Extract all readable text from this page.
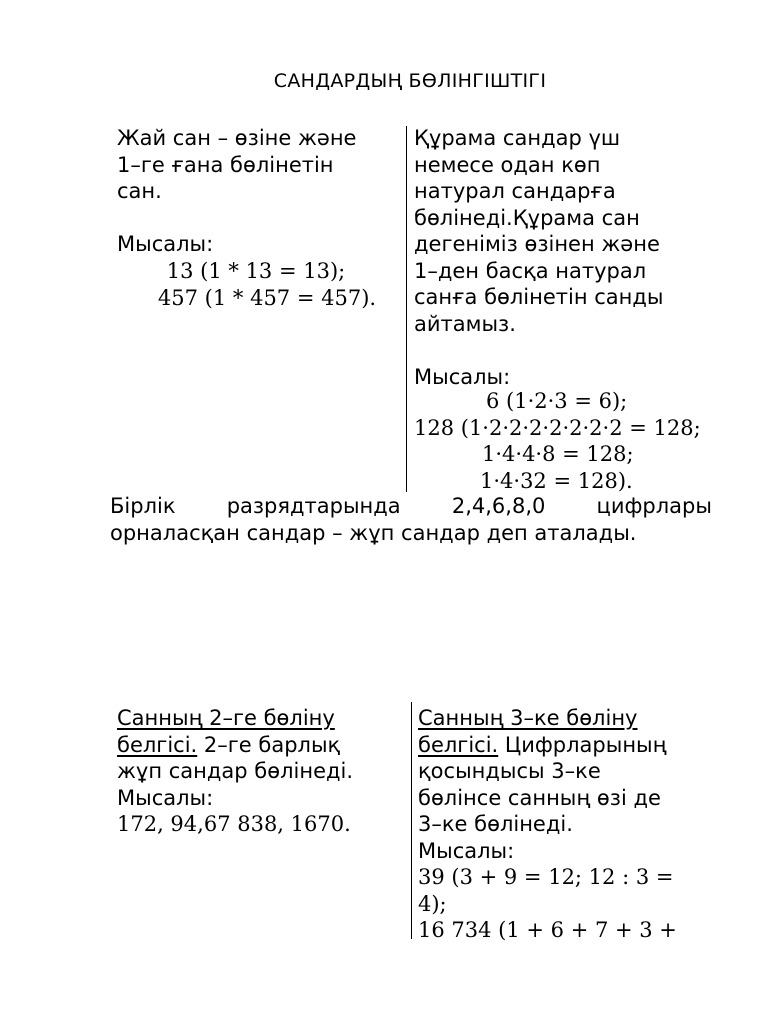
САНДАРДЫҢ БӨЛІНГІШТІГІ
Жай сан – өзіне және
1–ге ғана бөлінетін
сан.
Мысалы:
13 (1 * 13 = 13);
457 (1 * 457 = 457).
Құрама сандар үш
немесе одан көп
натурал сандарға
бөлінеді.Құрама сан
дегеніміз өзінен және
1–ден басқа натурал
санға бөлінетін санды
айтамыз.
Мысалы:
6 (1·2·3 = 6);
128 (1·2·2·2·2·2·2·2 = 128;
1·4·4·8 = 128;
1·4·32 = 128).
Бірлік разрядтарында 2,4,6,8,0 цифрлары
орналасқан сандар – жұп сандар деп аталады.
Санның 2–ге бөліну
белгісі. 2–ге барлық
жұп сандар бөлінеді.
Мысалы:
172, 94,67 838, 1670.
Санның 3–ке бөліну
белгісі. Цифрларының
қосындысы 3–ке
бөлінсе санның өзі де
3–ке бөлінеді.
Мысалы:
39 (3 + 9 = 12; 12 : 3 =
4);
16 734 (1 + 6 + 7 + 3 +
